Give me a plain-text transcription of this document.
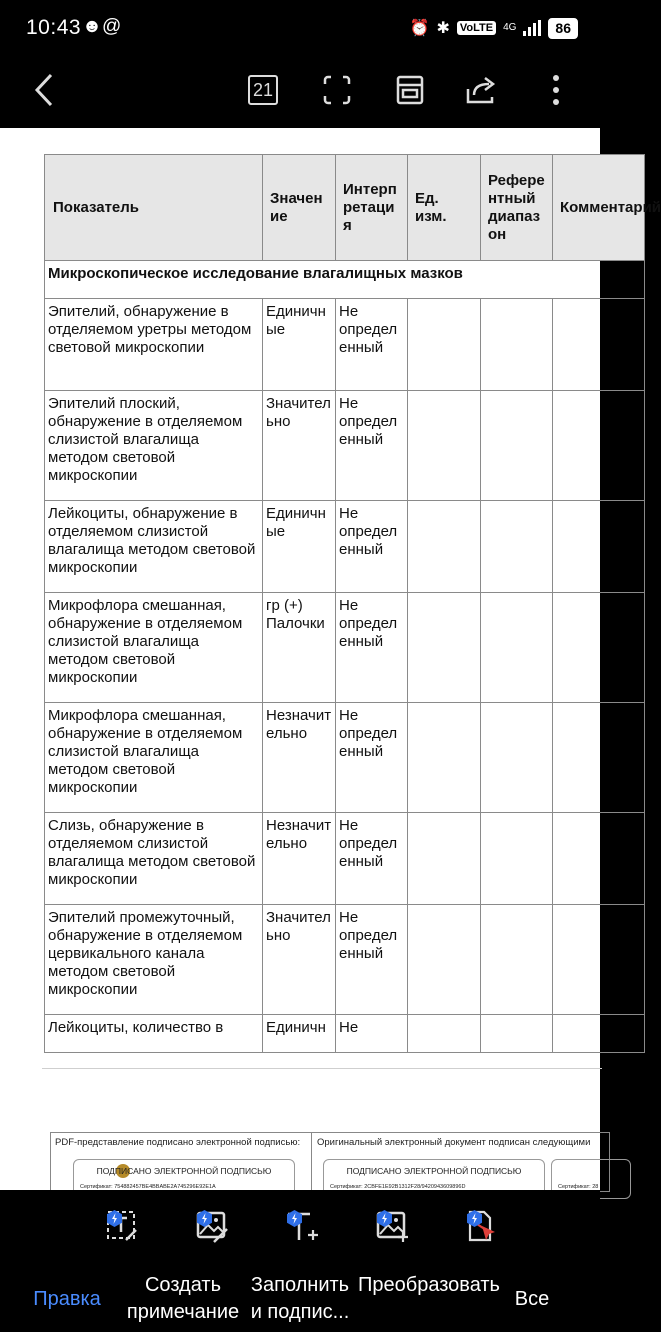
10:43 ☻@	⏰ ✱ VoLTE	4G	86
21
Показатель	Значение	Интерпретация	Ед. изм.	Референтный диапазон	Комментарий
Микроскопическое исследование влагалищных мазков					
Эпителий, обнаружение в отделяемом уретры методом световой микроскопии	Единичные	Не определенный			
Эпителий плоский, обнаружение в отделяемом слизистой влагалища методом световой микроскопии	Значительно	Не определенный			
Лейкоциты, обнаружение в отделяемом слизистой влагалища методом световой микроскопии	Единичные	Не определенный			
Микрофлора смешанная, обнаружение в отделяемом слизистой влагалища методом световой микроскопии	гр (+) Палочки	Не определенный			
Микрофлора смешанная, обнаружение в отделяемом слизистой влагалища методом световой микроскопии	Незначительно	Не определенный			
Слизь, обнаружение в отделяемом слизистой влагалища методом световой микроскопии	Незначительно	Не определенный			
Эпителий промежуточный, обнаружение в отделяемом цервикального канала методом световой микроскопии	Значительно	Не определенный			
Лейкоциты, количество в	Единичн	Не			
PDF-представление подписано электронной подписью: Оригинальный электронный документ подписан следующими
ПОДПИСАНО ЭЛЕКТРОННОЙ ПОДПИСЬЮ
Сертификат: 754882457BE4BBABE2A745296E92E1A
ПОДПИСАНО ЭЛЕКТРОННОЙ ПОДПИСЬЮ
Сертификат: 2CBFE1E92B1312F28/9420943609896D	Сертификат: 28
Правка
Создать примечание
Заполнить и подпис...
Преобразовать
Все
